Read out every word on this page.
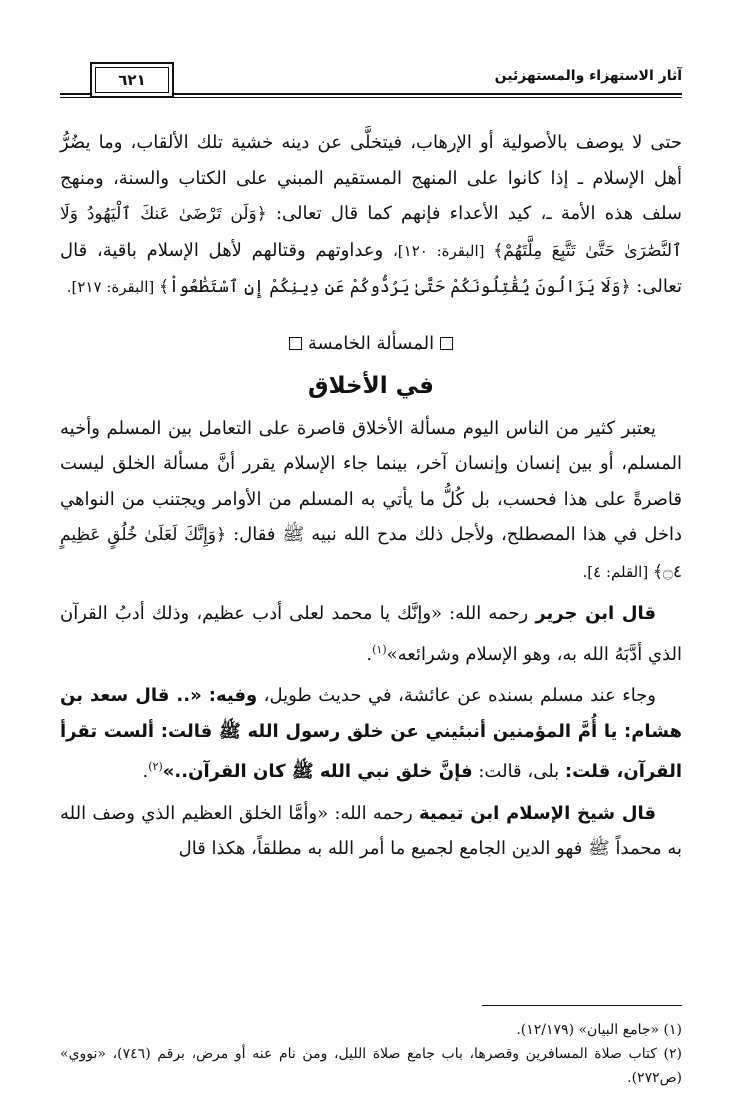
آثار الاستهزاء والمستهزئين
٦٢١

حتى لا يوصف بالأصولية أو الإرهاب، فيتخلَّى عن دينه خشية تلك الألقاب، وما يضُرُّ أهل الإسلام ـ إذا كانوا على المنهج المستقيم المبني على الكتاب والسنة، ومنهج سلف هذه الأمة ـ، كيد الأعداء فإنهم كما قال تعالى: ﴿وَلَن تَرْضَىٰ عَنكَ ٱلْيَهُودُ وَلَا ٱلنَّصَٰرَىٰ حَتَّىٰ تَتَّبِعَ مِلَّتَهُمْ﴾ [البقرة: ١٢٠]، وعداوتهم وقتالهم لأهل الإسلام باقية، قال تعالى: ﴿وَلَا يَزَالُونَ يُقَٰتِلُونَكُمْ حَتَّىٰ يَرُدُّوكُمْ عَن دِينِكُمْ إِنِ ٱسْتَطَٰعُواْ﴾ [البقرة: ٢١٧].

المسألة الخامسة
في الأخلاق

يعتبر كثير من الناس اليوم مسألة الأخلاق قاصرة على التعامل بين المسلم وأخيه المسلم، أو بين إنسان وإنسان آخر، بينما جاء الإسلام يقرر أنَّ مسألة الخلق ليست قاصرةً على هذا فحسب، بل كُلُّ ما يأتي به المسلم من الأوامر ويجتنب من النواهي داخل في هذا المصطلح، ولأجل ذلك مدح الله نبيه ﷺ فقال: ﴿وَإِنَّكَ لَعَلَىٰ خُلُقٍ عَظِيمٍ ۝٤﴾ [القلم: ٤].

قال ابن جرير رحمه الله: «وإنَّك يا محمد لعلى أدب عظيم، وذلك أدبُ القرآن الذي أدَّبَهُ الله به، وهو الإسلام وشرائعه»$^{(١)}$.

وجاء عند مسلم بسنده عن عائشة، في حديث طويل، وفيه: «.. قال سعد بن هشام: يا أُمَّ المؤمنين أنبئيني عن خلق رسول الله ﷺ قالت: ألست تقرأ القرآن، قلت: بلى، قالت: فإنَّ خلق نبي الله ﷺ كان القرآن..»$^{(٢)}$.

قال شيخ الإسلام ابن تيمية رحمه الله: «وأمَّا الخلق العظيم الذي وصف الله به محمداً ﷺ فهو الدين الجامع لجميع ما أمر الله به مطلقاً، هكذا قال

(١) «جامع البيان» (١٢/١٧٩).
(٢) كتاب صلاة المسافرين وقصرها، باب جامع صلاة الليل، ومن نام عنه أو مرض، برقم (٧٤٦)، «نووي» (ص٢٧٢).
